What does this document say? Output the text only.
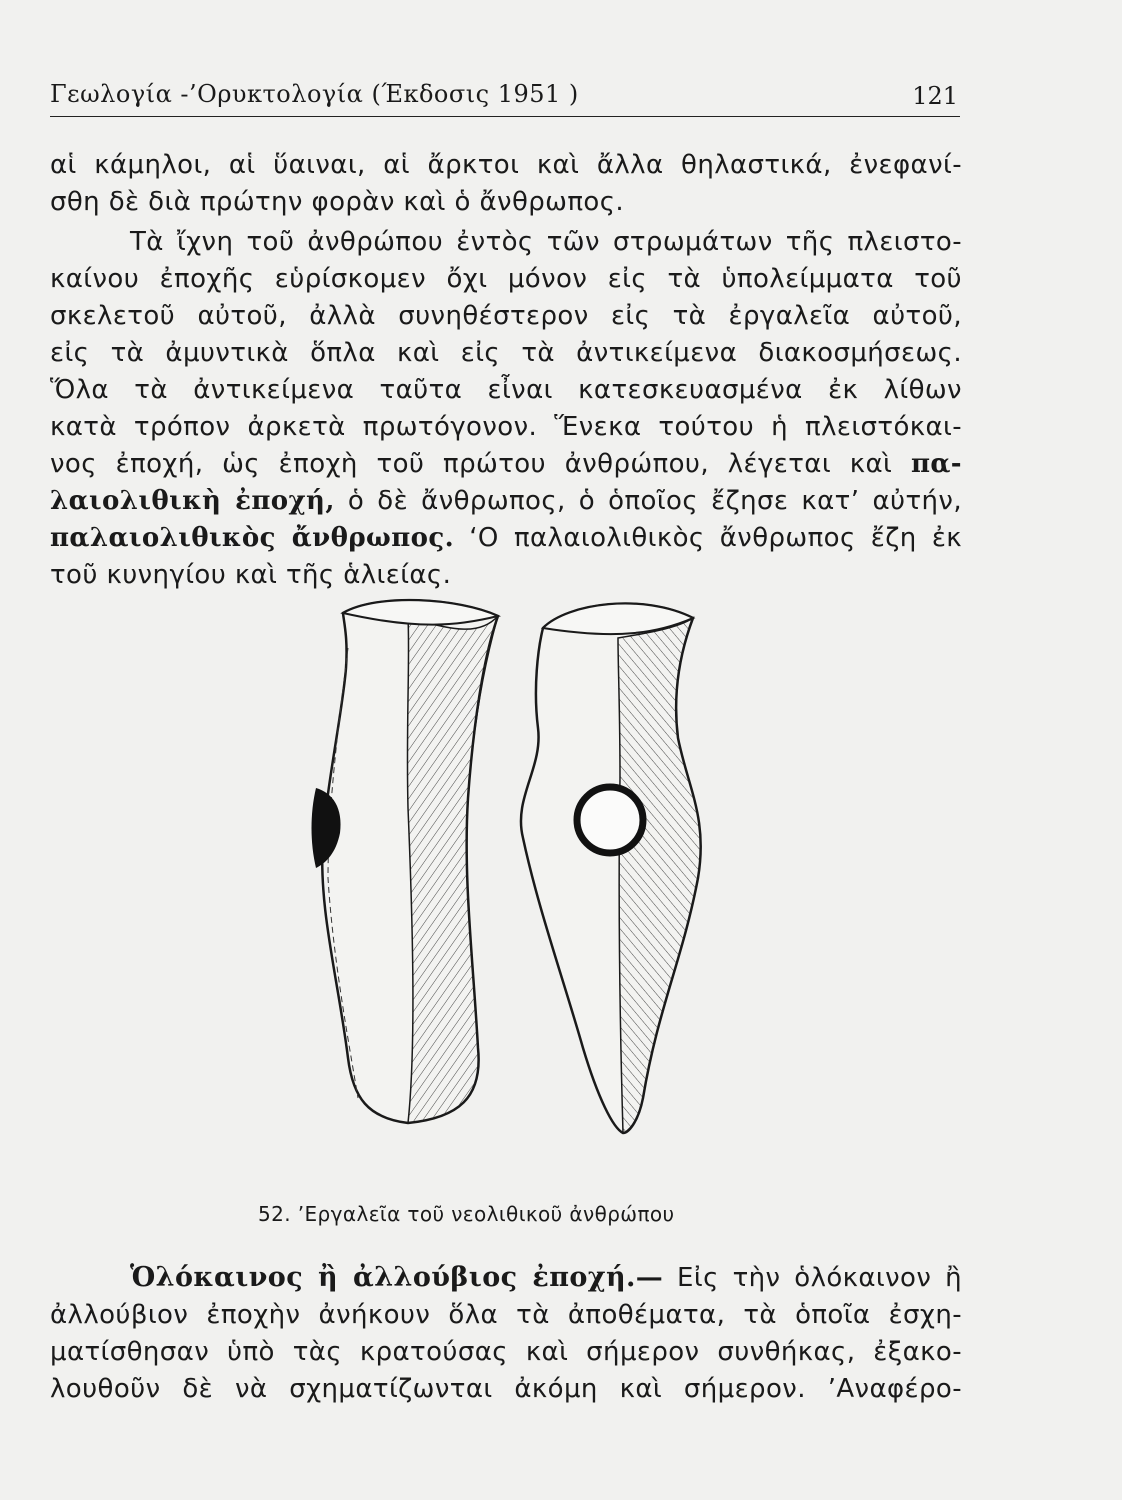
Γεωλογία -’Ορυκτολογία (Έκδοσις 1951 )	121
αἱ κάμηλοι, αἱ ὕαιναι, αἱ ἄρκτοι καὶ ἄλλα θηλαστικά, ἐνεφανί-
σθη δὲ διὰ πρώτην φορὰν καὶ ὁ ἄνθρωπος.
Τὰ ἴχνη τοῦ ἀνθρώπου ἐντὸς τῶν στρωμάτων τῆς πλειστο-
καίνου ἐποχῆς εὑρίσκομεν ὄχι μόνον εἰς τὰ ὑπολείμματα τοῦ
σκελετοῦ αὐτοῦ, ἀλλὰ συνηθέστερον εἰς τὰ ἐργαλεῖα αὐτοῦ,
εἰς τὰ ἀμυντικὰ ὅπλα καὶ εἰς τὰ ἀντικείμενα διακοσμήσεως.
Ὅλα τὰ ἀντικείμενα ταῦτα εἶναι κατεσκευασμένα ἐκ λίθων
κατὰ τρόπον ἀρκετὰ πρωτόγονον. Ἕνεκα τούτου ἡ πλειστόκαι-
νος ἐποχή, ὡς ἐποχὴ τοῦ πρώτου ἀνθρώπου, λέγεται καὶ πα-
λαιολιθικὴ ἐποχή, ὁ δὲ ἄνθρωπος, ὁ ὁποῖος ἔζησε κατ’ αὐτήν,
παλαιολιθικὸς ἄνθρωπος. ‘Ο παλαιολιθικὸς ἄνθρωπος ἔζη ἐκ
τοῦ κυνηγίου καὶ τῆς ἁλιείας.
52. ’Εργαλεῖα τοῦ νεολιθικοῦ ἀνθρώπου
Ὁλόκαινος ἢ ἀλλούβιος ἐποχή.— Εἰς τὴν ὁλόκαινον ἢ
ἀλλούβιον ἐποχὴν ἀνήκουν ὅλα τὰ ἀποθέματα, τὰ ὁποῖα ἐσχη-
ματίσθησαν ὑπὸ τὰς κρατούσας καὶ σήμερον συνθήκας, ἐξακο-
λουθοῦν δὲ νὰ σχηματίζωνται ἀκόμη καὶ σήμερον. ’Αναφέρο-
